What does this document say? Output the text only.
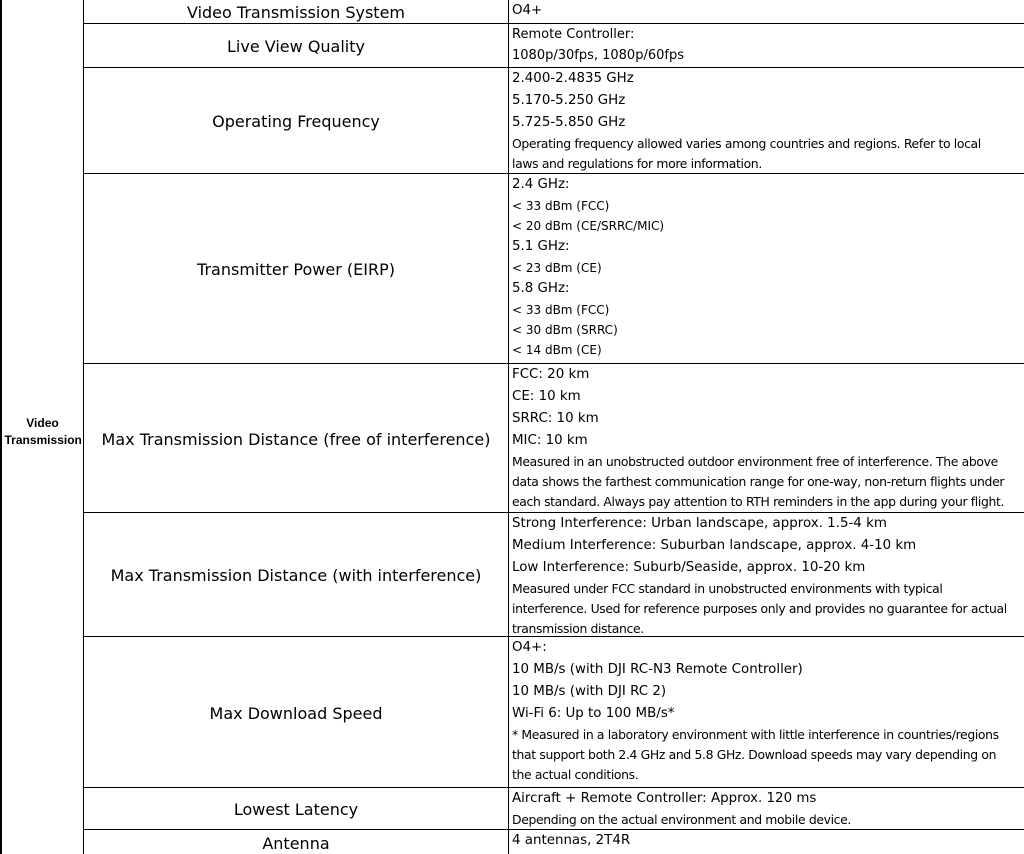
Video Transmission
Video Transmission System	O4+
Live View Quality
Remote Controller:
1080p/30fps, 1080p/60fps
Operating Frequency
2.400-2.4835 GHz
5.170-5.250 GHz
5.725-5.850 GHz
Operating frequency allowed varies among countries and regions. Refer to local
laws and regulations for more information.
Transmitter Power (EIRP)
2.4 GHz:
< 33 dBm (FCC)
< 20 dBm (CE/SRRC/MIC)
5.1 GHz:
< 23 dBm (CE)
5.8 GHz:
< 33 dBm (FCC)
< 30 dBm (SRRC)
< 14 dBm (CE)
Max Transmission Distance (free of interference)
FCC: 20 km
CE: 10 km
SRRC: 10 km
MIC: 10 km
Measured in an unobstructed outdoor environment free of interference. The above
data shows the farthest communication range for one-way, non-return flights under
each standard. Always pay attention to RTH reminders in the app during your flight.
Max Transmission Distance (with interference)
Strong Interference: Urban landscape, approx. 1.5-4 km
Medium Interference: Suburban landscape, approx. 4-10 km
Low Interference: Suburb/Seaside, approx. 10-20 km
Measured under FCC standard in unobstructed environments with typical
interference. Used for reference purposes only and provides no guarantee for actual
transmission distance.
Max Download Speed
O4+:
10 MB/s (with DJI RC-N3 Remote Controller)
10 MB/s (with DJI RC 2)
Wi-Fi 6: Up to 100 MB/s*
* Measured in a laboratory environment with little interference in countries/regions
that support both 2.4 GHz and 5.8 GHz. Download speeds may vary depending on
the actual conditions.
Lowest Latency
Aircraft + Remote Controller: Approx. 120 ms
Depending on the actual environment and mobile device.
Antenna	4 antennas, 2T4R
